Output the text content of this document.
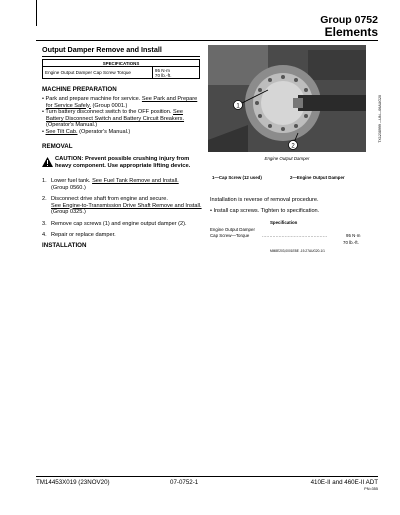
Group 0752
Elements
Output Damper Remove and Install
SPECIFICATIONS
Engine Output Damper Cap Screw Torque	95 N·m
70 lb.-ft.
MACHINE PREPARATION
• Park and prepare machine for service. See Park and Prepare for Service Safely. (Group 0001.)
• Turn battery disconnect switch to the OFF position. See Battery Disconnect Switch and Battery Circuit Breakers. (Operator's Manual.)
• See Tilt Cab. (Operator's Manual.)
REMOVAL
CAUTION: Prevent possible crushing injury from heavy component. Use appropriate lifting device.
1. Lower fuel tank. See Fuel Tank Remove and Install.
(Group 0560.)
2. Disconnect drive shaft from engine and secure.
See Engine-to-Transmission Drive Shaft Remove and Install. (Group 0325.)
3. Remove cap screws (1) and engine output damper (2).
4. Repair or replace damper.
INSTALLATION
1
2
TX1238999 —UN—06AUG20
Engine Output Damper
1—Cap Screw (12 used)	2—Engine Output Damper
Installation is reverse of removal procedure.
• Install cap screws. Tighten to specification.
Specification
Engine Output Damper
Cap Screw—Torque	...........................................	95 N·m
70 lb.-ft.
MM8E203,0001EBE -19-27AUG20-1/1
TM14453X019 (23NOV20)	07-0752-1	410E-II and 460E-II ADT
PN=355
